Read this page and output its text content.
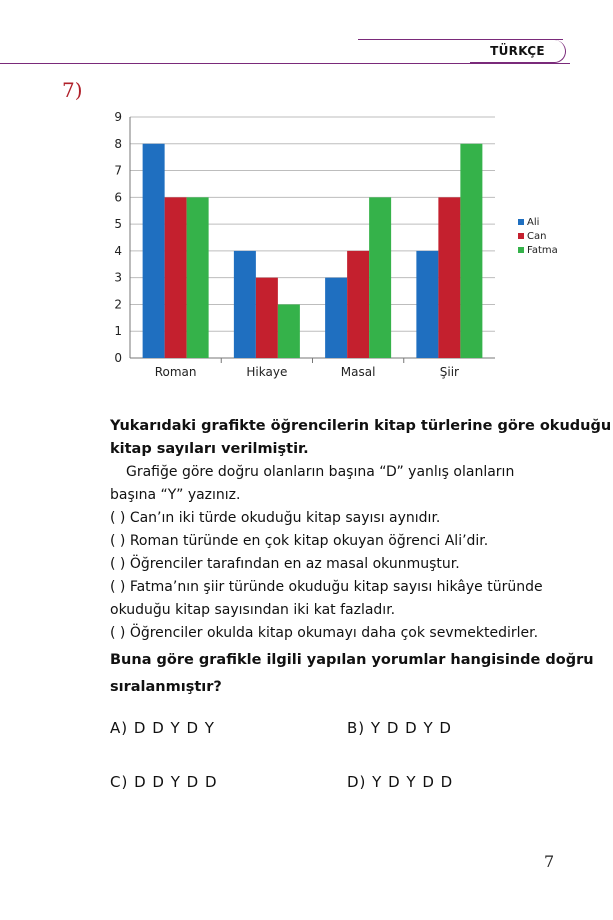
TÜRKÇE
7)
0
1
2
3
4
5
6
7
8
9
Roman	Hikaye	Masal	Şiir
Ali
Can
Fatma
Yukarıdaki grafikte öğrencilerin kitap türlerine göre okuduğu
kitap sayıları verilmiştir.
Grafiğe göre doğru olanların başına “D” yanlış olanların
başına “Y” yazınız.
( ) Can’ın iki türde okuduğu kitap sayısı aynıdır.
( ) Roman türünde en çok kitap okuyan öğrenci Ali’dir.
( ) Öğrenciler tarafından en az masal okunmuştur.
( ) Fatma’nın şiir türünde okuduğu kitap sayısı hikâye türünde
okuduğu kitap sayısından iki kat fazladır.
( ) Öğrenciler okulda kitap okumayı daha çok sevmektedirler.
Buna göre grafikle ilgili yapılan yorumlar hangisinde doğru
sıralanmıştır?
A) D D Y D Y	B) Y D D Y D
C) D D Y D D	D) Y D Y D D
7
